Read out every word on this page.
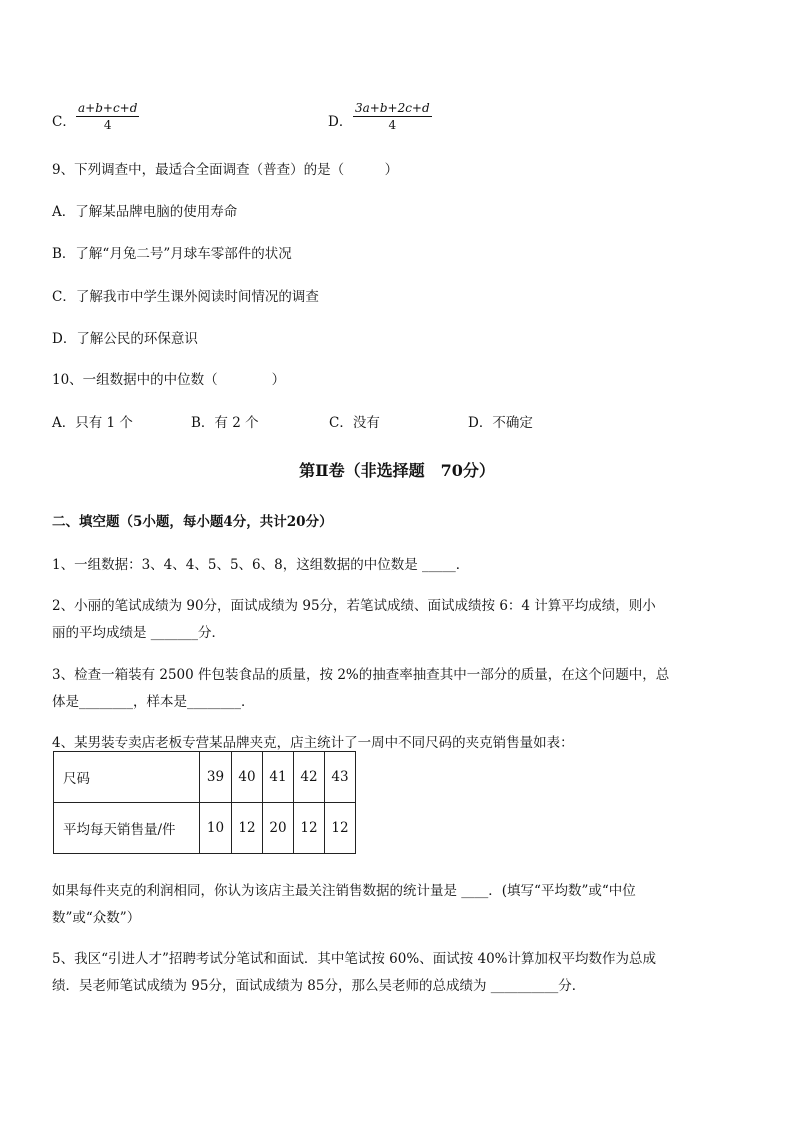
C． $\frac{a+b+c+d}{4}$	D． $\frac{3a+b+2c+d}{4}$
9、下列调查中，最适合全面调查（普查）的是（　　　）
A．了解某品牌电脑的使用寿命
B．了解“月兔二号”月球车零部件的状况
C．了解我市中学生课外阅读时间情况的调查
D．了解公民的环保意识
10、一组数据中的中位数（　　　　）
A．只有 1 个	B．有 2 个	C．没有	D．不确定
第Ⅱ卷（非选择题　70分）
二、填空题（5小题，每小题4分，共计20分）
1、一组数据：3、4、4、5、5、6、8，这组数据的中位数是 _____．
2、小丽的笔试成绩为 90分，面试成绩为 95分，若笔试成绩、面试成绩按 6：4 计算平均成绩，则小
丽的平均成绩是 _______分．
3、检查一箱装有 2500 件包装食品的质量，按 2%的抽查率抽查其中一部分的质量，在这个问题中，总
体是________，样本是________．
4、某男装专卖店老板专营某品牌夹克，店主统计了一周中不同尺码的夹克销售量如表：
尺码	39	40	41	42	43
平均每天销售量/件	10	12	20	12	12
如果每件夹克的利润相同，你认为该店主最关注销售数据的统计量是 ____．(填写“平均数”或“中位
数”或“众数”）
5、我区“引进人才”招聘考试分笔试和面试．其中笔试按 60%、面试按 40%计算加权平均数作为总成
绩．吴老师笔试成绩为 95分，面试成绩为 85分，那么吴老师的总成绩为 __________分．
